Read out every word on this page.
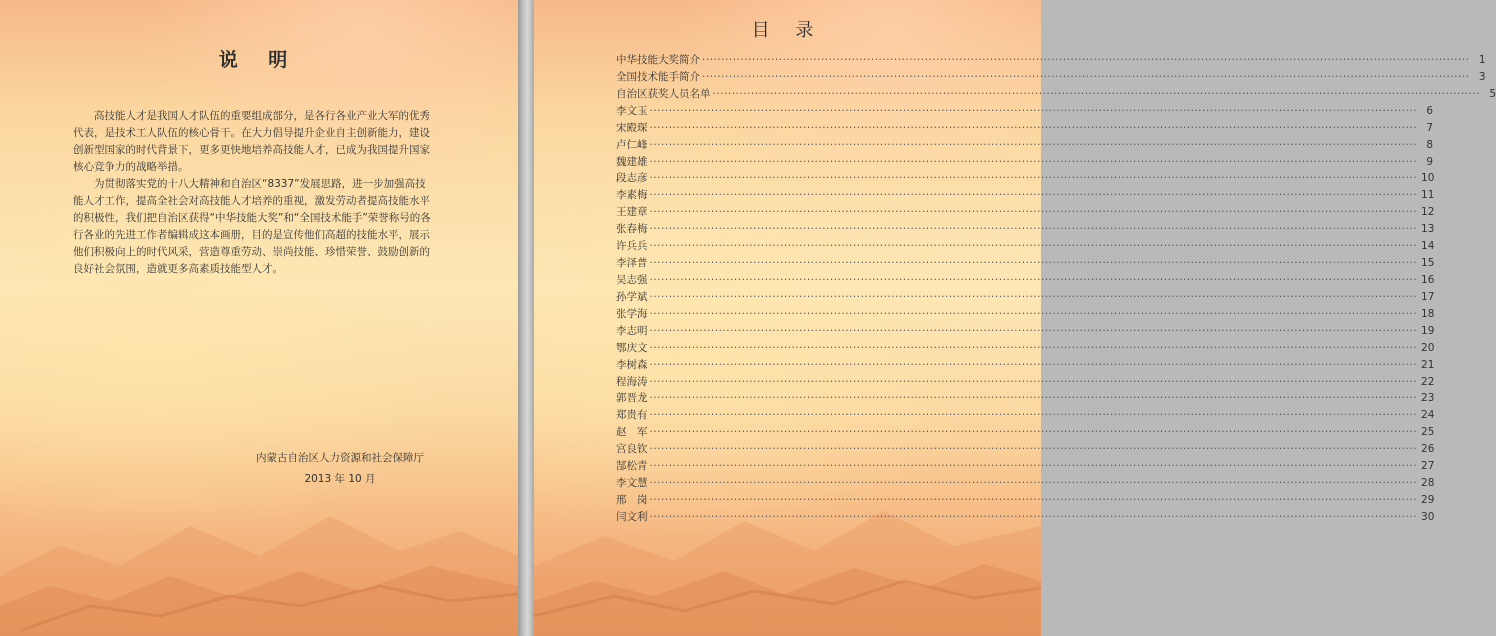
说 明

高技能人才是我国人才队伍的重要组成部分，是各行各业产业大军的优秀代表，是技术工人队伍的核心骨干。在大力倡导提升企业自主创新能力，建设创新型国家的时代背景下，更多更快地培养高技能人才，已成为我国提升国家核心竞争力的战略举措。

为贯彻落实党的十八大精神和自治区“8337”发展思路，进一步加强高技能人才工作，提高全社会对高技能人才培养的重视，激发劳动者提高技能水平的积极性，我们把自治区获得“中华技能大奖”和“全国技术能手”荣誉称号的各行各业的先进工作者编辑成这本画册，目的是宣传他们高超的技能水平，展示他们积极向上的时代风采，营造尊重劳动、崇尚技能、珍惜荣誉、鼓励创新的良好社会氛围，造就更多高素质技能型人才。

内蒙古自治区人力资源和社会保障厅
2013 年 10 月
目 录
中华技能大奖简介 ········································································································································································································ 1
全国技术能手简介 ········································································································································································································ 3
自治区获奖人员名单 ········································································································································································································ 5
李文玉 ········································································································································································································ 6
宋殿琛 ········································································································································································································ 7
卢仁峰 ········································································································································································································ 8
魏建雄 ········································································································································································································ 9
段志彦 ········································································································································································································ 10
李素梅 ········································································································································································································ 11
王建章 ········································································································································································································ 12
张春梅 ········································································································································································································ 13
许兵兵 ········································································································································································································ 14
李泽普 ········································································································································································································ 15
吴志强 ········································································································································································································ 16
孙学斌 ········································································································································································································ 17
张学海 ········································································································································································································ 18
李志明 ········································································································································································································ 19
鄂庆文 ········································································································································································································ 20
李树森 ········································································································································································································ 21
程海涛 ········································································································································································································ 22
郭晋龙 ········································································································································································································ 23
郑贵有 ········································································································································································································ 24
赵　军 ········································································································································································································ 25
宫良钦 ········································································································································································································ 26
郜松青 ········································································································································································································ 27
李文慧 ········································································································································································································ 28
邢　岗 ········································································································································································································ 29
闫文利 ········································································································································································································ 30
